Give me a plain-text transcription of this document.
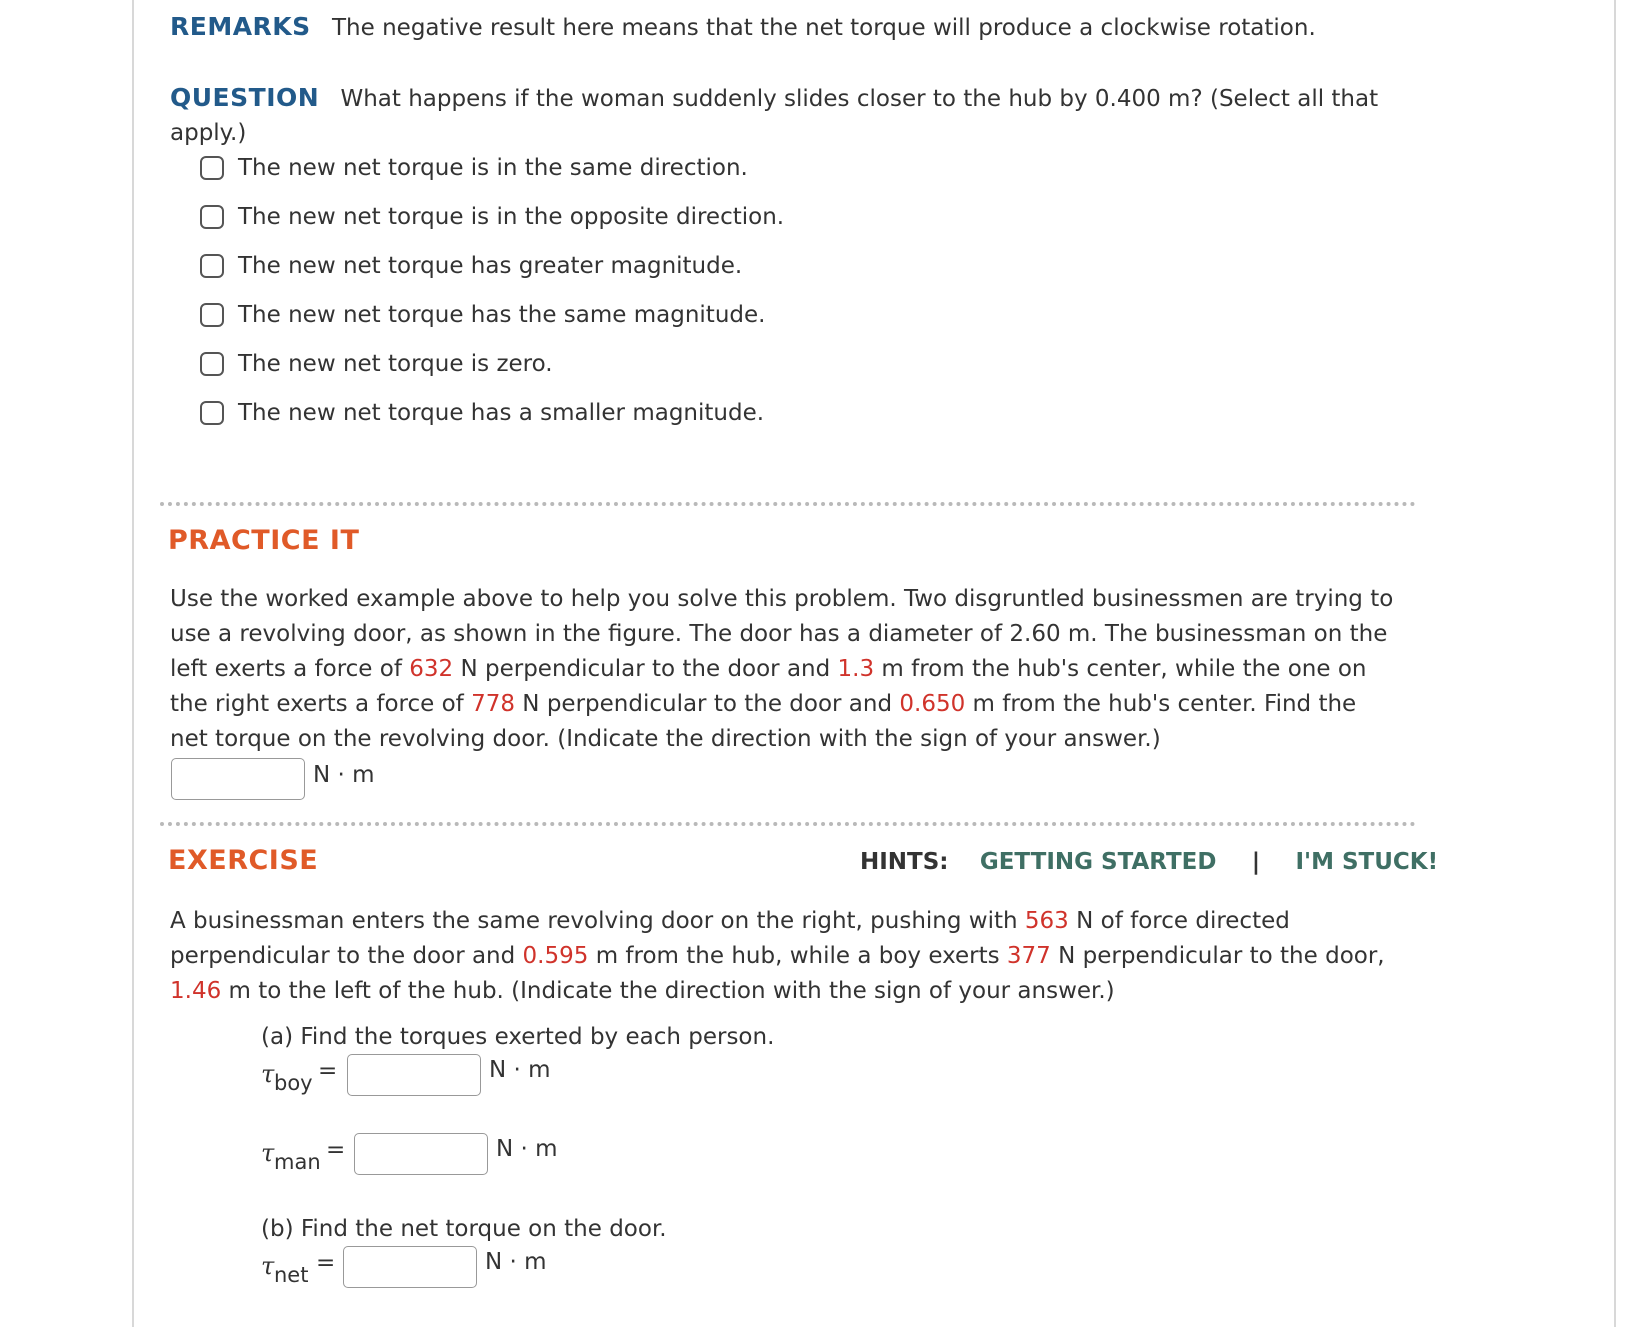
REMARKS The negative result here means that the net torque will produce a clockwise rotation.
QUESTION What happens if the woman suddenly slides closer to the hub by 0.400 m? (Select all that
apply.)
The new net torque is in the same direction.
The new net torque is in the opposite direction.
The new net torque has greater magnitude.
The new net torque has the same magnitude.
The new net torque is zero.
The new net torque has a smaller magnitude.
PRACTICE IT
Use the worked example above to help you solve this problem. Two disgruntled businessmen are trying to
use a revolving door, as shown in the figure. The door has a diameter of 2.60 m. The businessman on the
left exerts a force of 632 N perpendicular to the door and 1.3 m from the hub's center, while the one on
the right exerts a force of 778 N perpendicular to the door and 0.650 m from the hub's center. Find the
net torque on the revolving door. (Indicate the direction with the sign of your answer.)
N · m
EXERCISE	HINTS: GETTING STARTED | I'M STUCK!
A businessman enters the same revolving door on the right, pushing with 563 N of force directed
perpendicular to the door and 0.595 m from the hub, while a boy exerts 377 N perpendicular to the door,
1.46 m to the left of the hub. (Indicate the direction with the sign of your answer.)
(a) Find the torques exerted by each person.
τ boy =	N · m
τ man =	N · m
(b) Find the net torque on the door.
τ net =	N · m
